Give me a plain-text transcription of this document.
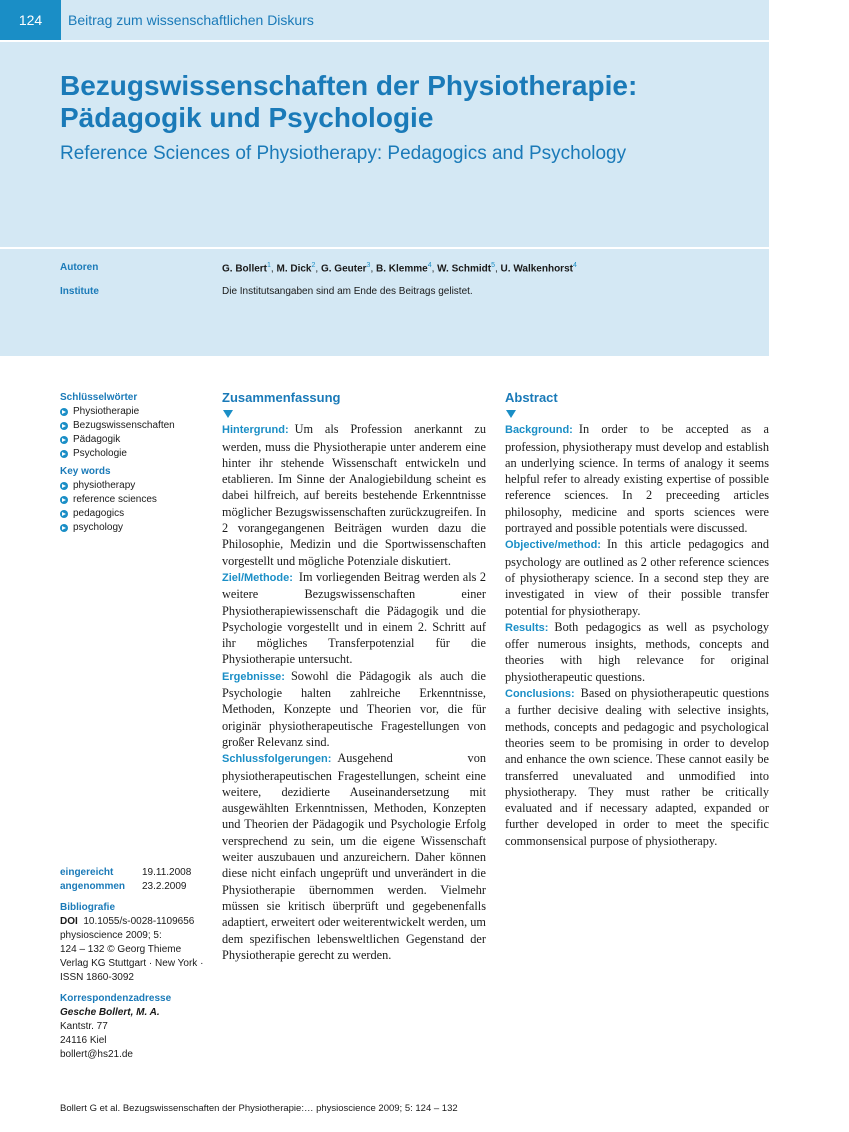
124	Beitrag zum wissenschaftlichen Diskurs
Bezugswissenschaften der Physiotherapie:
Pädagogik und Psychologie
Reference Sciences of Physiotherapy: Pedagogics and Psychology
Autoren	G. Bollert$^1$, M. Dick$^2$, G. Geuter$^3$, B. Klemme$^4$, W. Schmidt$^5$, U. Walkenhorst$^4$
Institute	Die Institutsangaben sind am Ende des Beitrags gelistet.
Schlüsselwörter
Physiotherapie
Bezugswissenschaften
Pädagogik
Psychologie
Key words
physiotherapy
reference sciences
pedagogics
psychology
eingereicht	19.11.2008
angenommen 23.2.2009
Bibliografie
DOI 10.1055/s-0028-1109656
physioscience 2009; 5:
124 – 132 © Georg Thieme
Verlag KG Stuttgart · New York ·
ISSN 1860-3092
Korrespondenzadresse
Gesche Bollert, M. A.
Kantstr. 77
24116 Kiel
bollert@hs21.de
Zusammenfassung
Hintergrund: Um als Profession anerkannt zu werden, muss die Physiotherapie unter anderem eine hinter ihr stehende Wissenschaft entwickeln und etablieren. Im Sinne der Analogiebildung scheint es dabei hilfreich, auf bereits bestehende Erkenntnisse möglicher Bezugswissenschaften zurückzugreifen. In 2 vorangegangenen Beiträgen wurden dazu die Philosophie, Medizin und die Sportwissenschaften vorgestellt und mögliche Potenziale diskutiert.
Ziel/Methode: Im vorliegenden Beitrag werden als 2 weitere Bezugswissenschaften einer Physiotherapiewissenschaft die Pädagogik und die Psychologie vorgestellt und in einem 2. Schritt auf ihr mögliches Transferpotenzial für die Physiotherapie untersucht.
Ergebnisse: Sowohl die Pädagogik als auch die Psychologie halten zahlreiche Erkenntnisse, Methoden, Konzepte und Theorien vor, die für originär physiotherapeutische Fragestellungen von großer Relevanz sind.
Schlussfolgerungen: Ausgehend von physiotherapeutischen Fragestellungen, scheint eine weitere, dezidierte Auseinandersetzung mit ausgewählten Erkenntnissen, Methoden, Konzepten und Theorien der Pädagogik und Psychologie Erfolg versprechend zu sein, um die eigene Wissenschaft weiter auszubauen und anzureichern. Daher können diese nicht einfach ungeprüft und unverändert in die Physiotherapie übernommen werden. Vielmehr müssen sie kritisch überprüft und gegebenenfalls adaptiert, erweitert oder weiterentwickelt werden, um dem spezifischen lebensweltlichen Gegenstand der Physiotherapie gerecht zu werden.
Abstract
Background: In order to be accepted as a profession, physiotherapy must develop and establish an underlying science. In terms of analogy it seems helpful refer to already existing expertise of possible reference sciences. In 2 preceeding articles philosophy, medicine and sports sciences were portrayed and possible potentials were discussed.
Objective/method: In this article pedagogics and psychology are outlined as 2 other reference sciences of physiotherapy science. In a second step they are investigated in view of their possible transfer potential for physiotherapy.
Results: Both pedagogics as well as psychology offer numerous insights, methods, concepts and theories with high relevance for original physiotherapeutic questions.
Conclusions: Based on physiotherapeutic questions a further decisive dealing with selective insights, methods, concepts and pedagogic and psychological theories seem to be promising in order to develop and enhance the own science. These cannot easily be transferred unevaluated and unmodified into physiotherapy. They must rather be critically evaluated and if necessary adapted, expanded or further developed in order to meet the specific commonsensical purpose of physiotherapy.
Bollert G et al. Bezugswissenschaften der Physiotherapie:… physioscience 2009; 5: 124 – 132
